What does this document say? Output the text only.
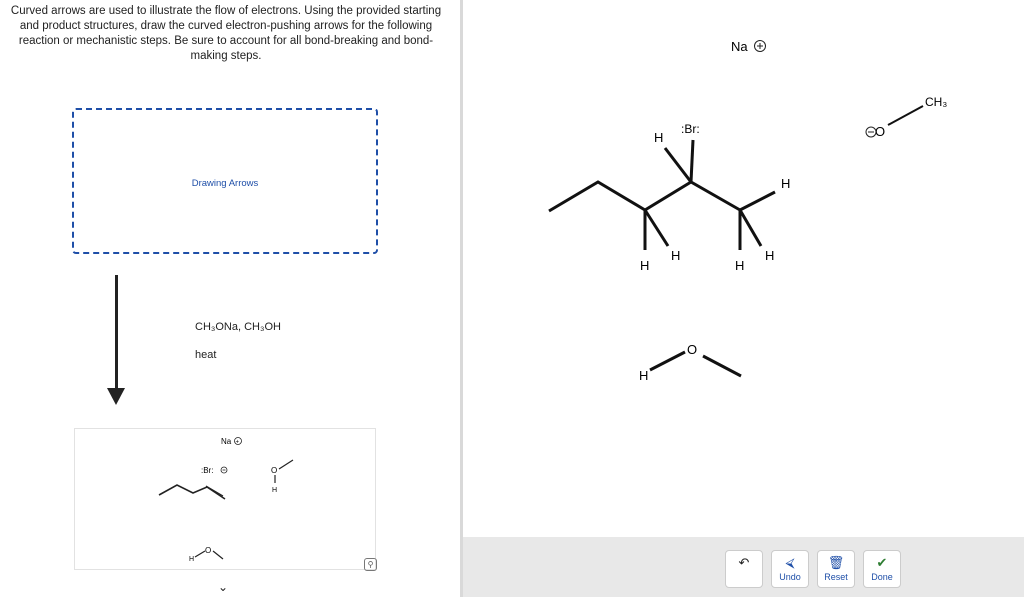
Curved arrows are used to illustrate the flow of electrons. Using the provided starting and product structures, draw the curved electron-pushing arrows for the following reaction or mechanistic steps. Be sure to account for all bond-breaking and bond-making steps.
Drawing Arrows
CH₃ONa, CH₃OH
heat
Na +
:Br:	O
H
H
O
⚲
⌄
Na
:Br:
H
H
H
H
H
H
H
O
O
CH₃
↶	⮘
Undo
🗑
Reset
✔
Done
